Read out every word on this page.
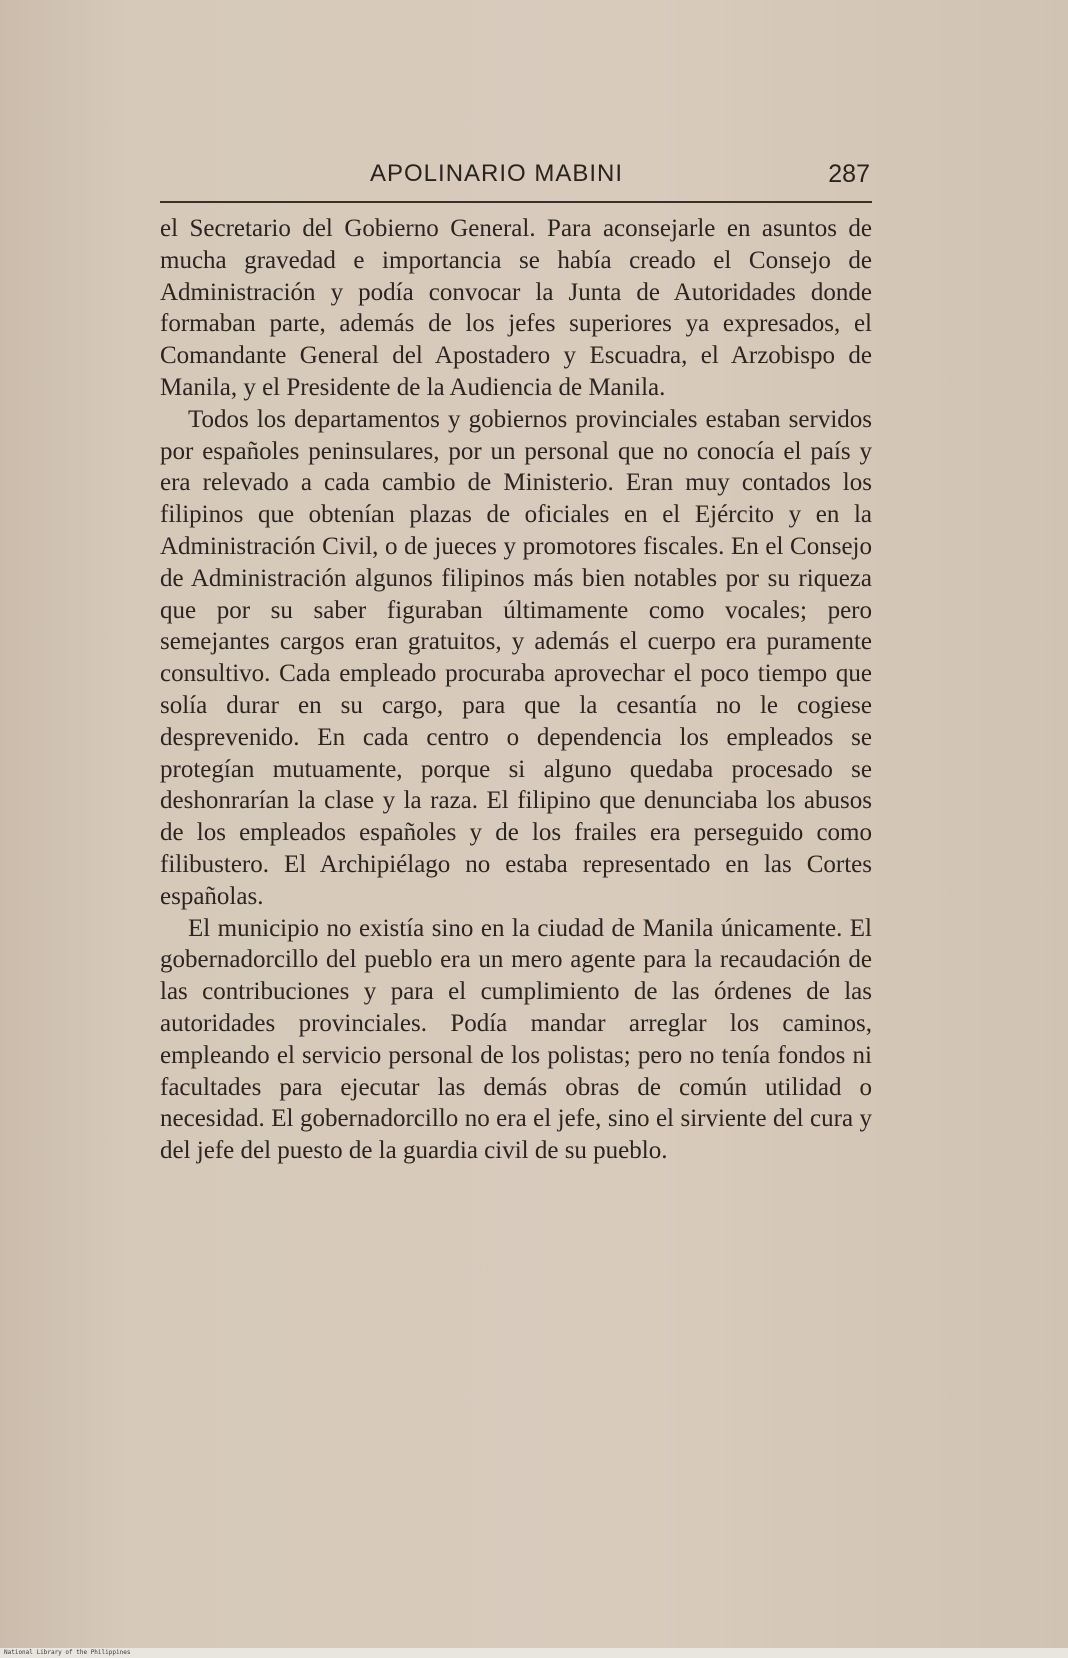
APOLINARIO MABINI	287

el Secretario del Gobierno General. Para aconsejarle en asuntos de mucha gravedad e importancia se había creado el Consejo de Administración y podía convocar la Junta de Autoridades donde formaban parte, además de los jefes superiores ya expresados, el Comandante General del Apostadero y Escuadra, el Arzobispo de Manila, y el Presidente de la Audiencia de Manila.

Todos los departamentos y gobiernos provinciales estaban servidos por españoles peninsulares, por un personal que no conocía el país y era relevado a cada cambio de Ministerio. Eran muy contados los filipinos que obtenían plazas de oficiales en el Ejército y en la Administración Civil, o de jueces y promotores fiscales. En el Consejo de Administración algunos filipinos más bien notables por su riqueza que por su saber figuraban últimamente como vocales; pero semejantes cargos eran gratuitos, y además el cuerpo era puramente consultivo. Cada empleado procuraba aprovechar el poco tiempo que solía durar en su cargo, para que la cesantía no le cogiese desprevenido. En cada centro o dependencia los empleados se protegían mutuamente, porque si alguno quedaba procesado se deshonrarían la clase y la raza. El filipino que denunciaba los abusos de los empleados españoles y de los frailes era perseguido como filibustero. El Archipiélago no estaba representado en las Cortes españolas.

El municipio no existía sino en la ciudad de Manila únicamente. El gobernadorcillo del pueblo era un mero agente para la recaudación de las contribuciones y para el cumplimiento de las órdenes de las autoridades provinciales. Podía mandar arreglar los caminos, empleando el servicio personal de los polistas; pero no tenía fondos ni facultades para ejecutar las demás obras de común utilidad o necesidad. El gobernadorcillo no era el jefe, sino el sirviente del cura y del jefe del puesto de la guardia civil de su pueblo.

National Library of the Philippines
